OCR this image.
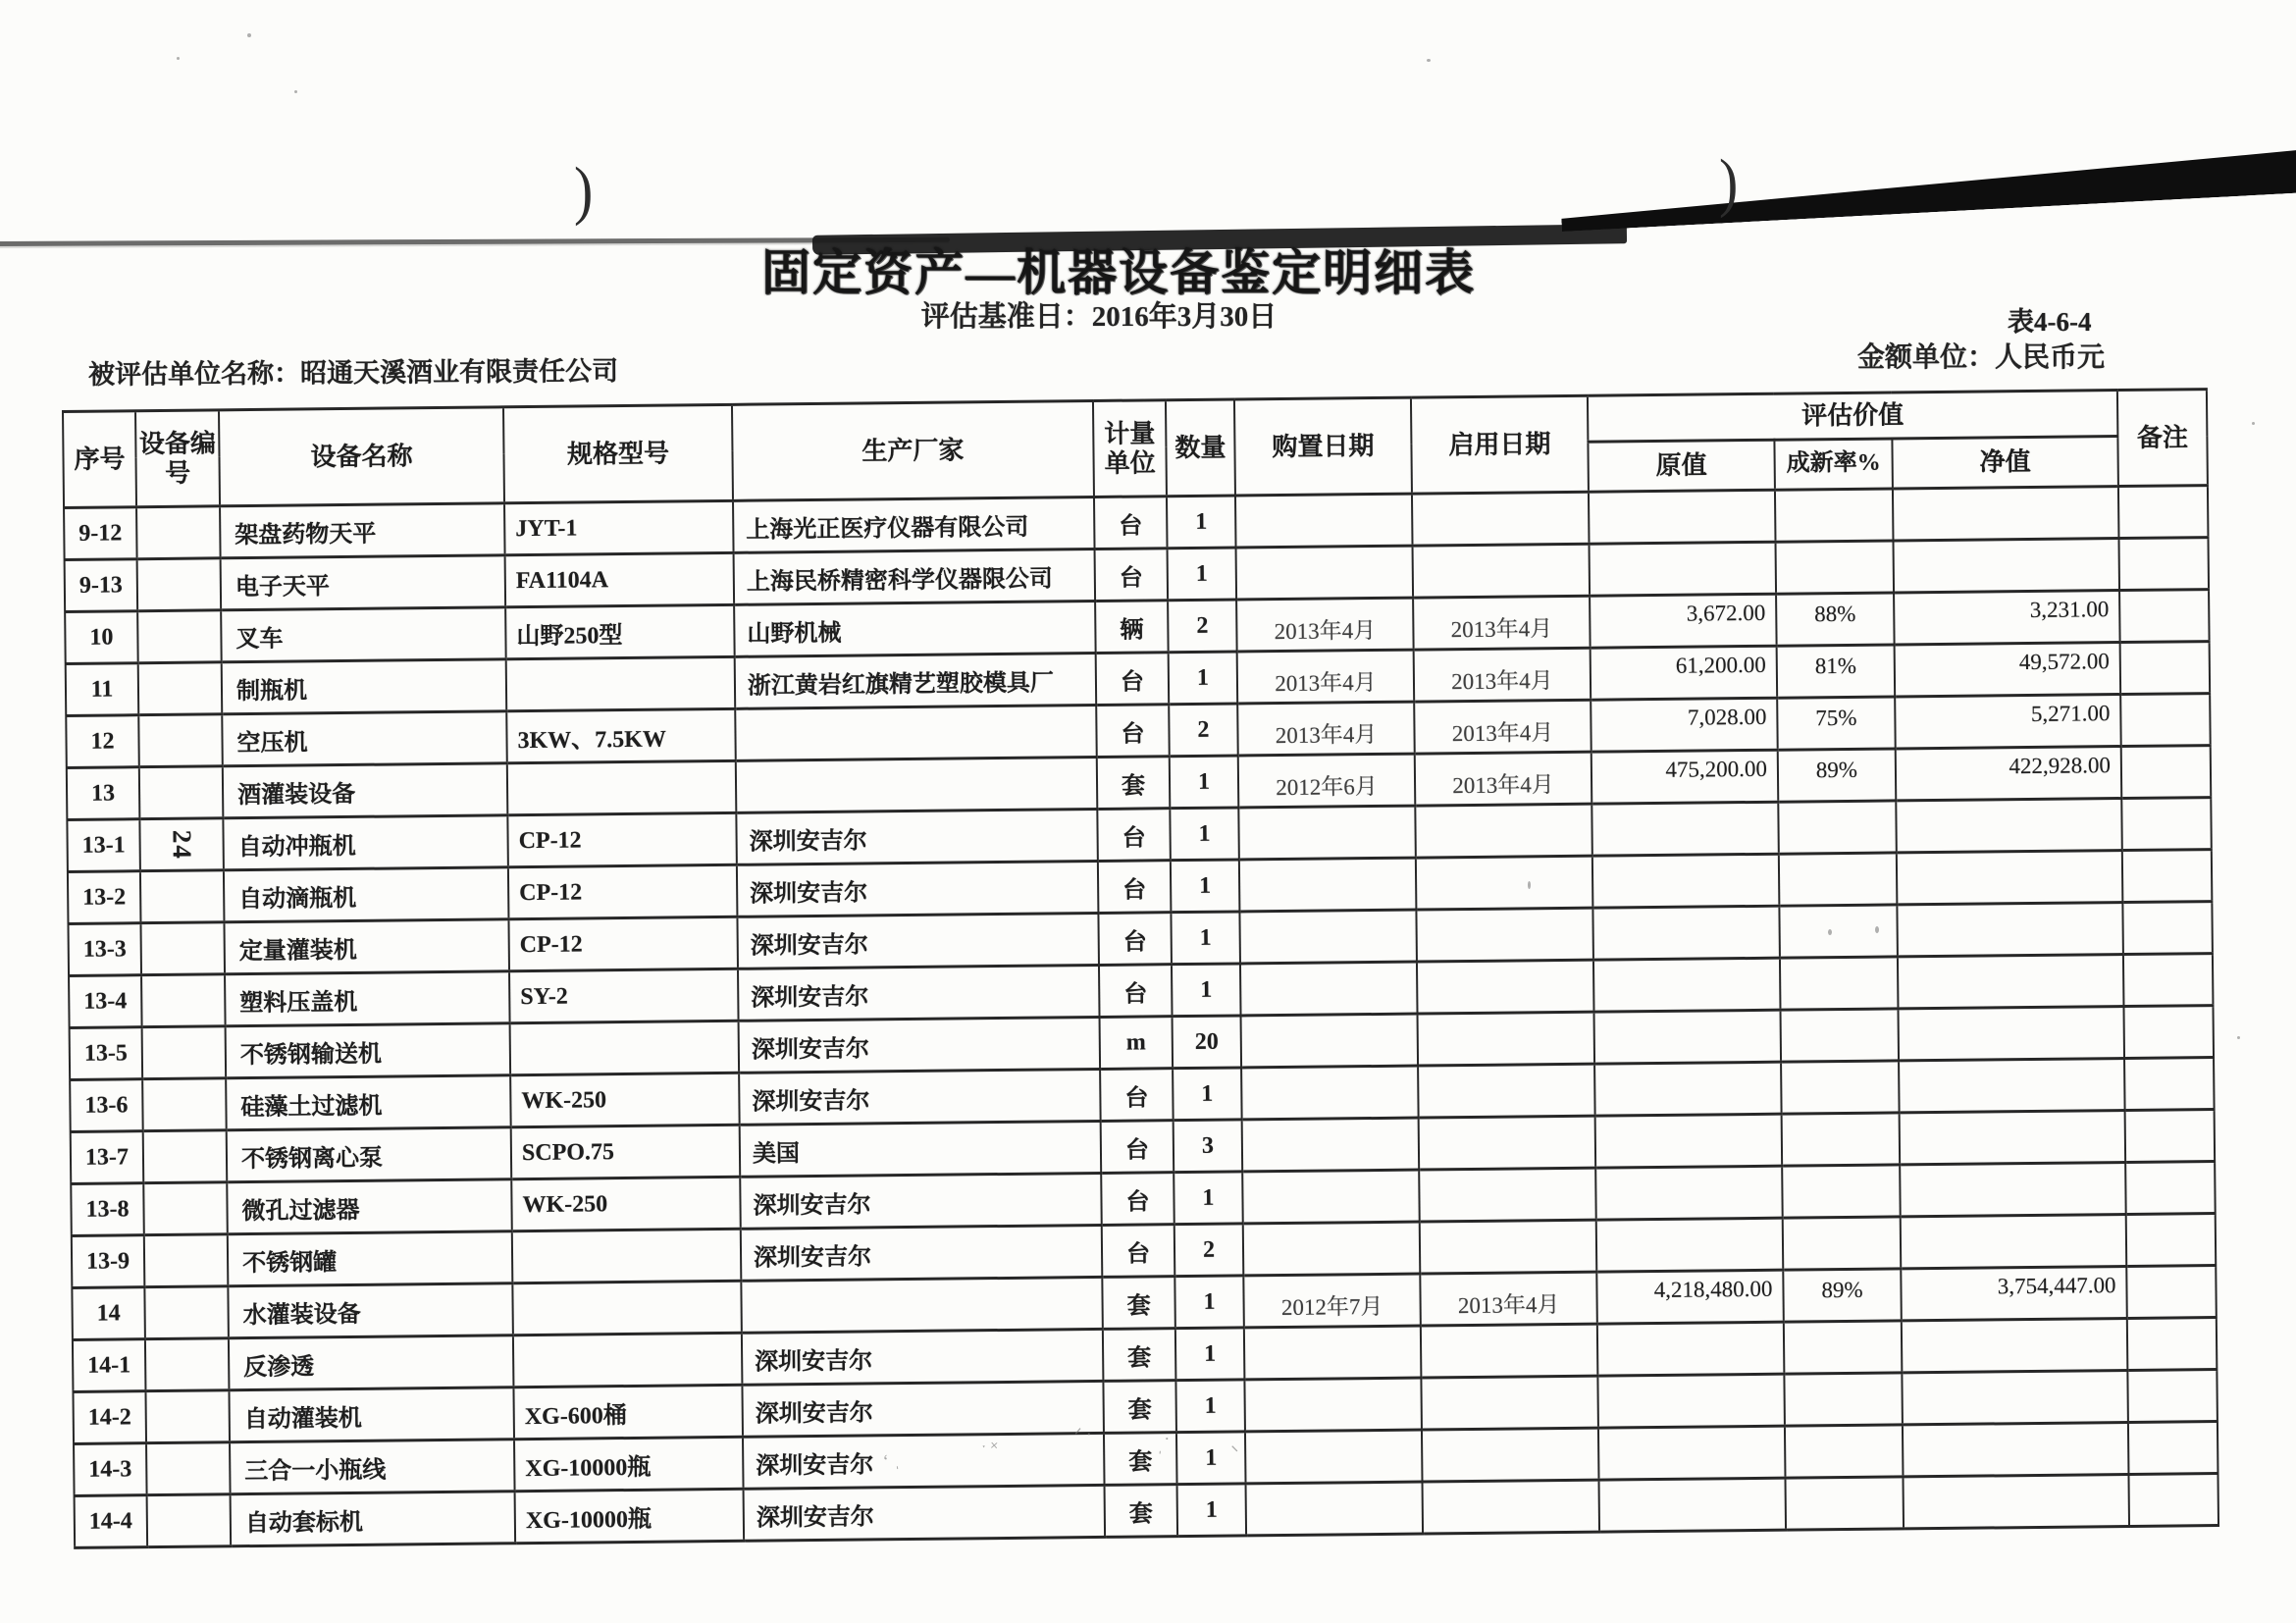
)	)
固定资产—机器设备鉴定明细表
评估基准日：2016年3月30日	表4-6-4
金额单位：人民币元
被评估单位名称：昭通天溪酒业有限责任公司
序号	设备编号	设备名称	规格型号	生产厂家	计量单位	数量	购置日期	启用日期	评估价值			备注
									原值	成新率%	净值	
9-12		架盘药物天平	JYT-1	上海光正医疗仪器有限公司	台	1						
9-13		电子天平	FA1104A	上海民桥精密科学仪器限公司	台	1						
10		叉车	山野250型	山野机械	辆	2	2013年4月	2013年4月	3,672.00	88%	3,231.00	
11		制瓶机		浙江黄岩红旗精艺塑胶模具厂	台	1	2013年4月	2013年4月	61,200.00	81%	49,572.00	
12		空压机	3KW、7.5KW		台	2	2013年4月	2013年4月	7,028.00	75%	5,271.00	
13		酒灌装设备			套	1	2012年6月	2013年4月	475,200.00	89%	422,928.00	
13-1	24	自动冲瓶机	CP-12	深圳安吉尔	台	1						
13-2		自动滴瓶机	CP-12	深圳安吉尔	台	1						
13-3		定量灌装机	CP-12	深圳安吉尔	台	1						
13-4		塑料压盖机	SY-2	深圳安吉尔	台	1						
13-5		不锈钢输送机		深圳安吉尔	m	20						
13-6		硅藻土过滤机	WK-250	深圳安吉尔	台	1						
13-7		不锈钢离心泵	SCPO.75	美国	台	3						
13-8		微孔过滤器	WK-250	深圳安吉尔	台	1						
13-9		不锈钢罐		深圳安吉尔	台	2						
14		水灌装设备			套	1	2012年7月	2013年4月	4,218,480.00	89%	3,754,447.00	
14-1		反渗透		深圳安吉尔	套	1						
14-2		自动灌装机	XG-600桶	深圳安吉尔	套	1						
14-3		三合一小瓶线	XG-10000瓶	深圳安吉尔	套	1						
14-4		自动套标机	XG-10000瓶	深圳安吉尔	套	1						
ʻ ˌ
ˑ ˟
ᐟ ᐧ	ˌᐝ	ᐠ
